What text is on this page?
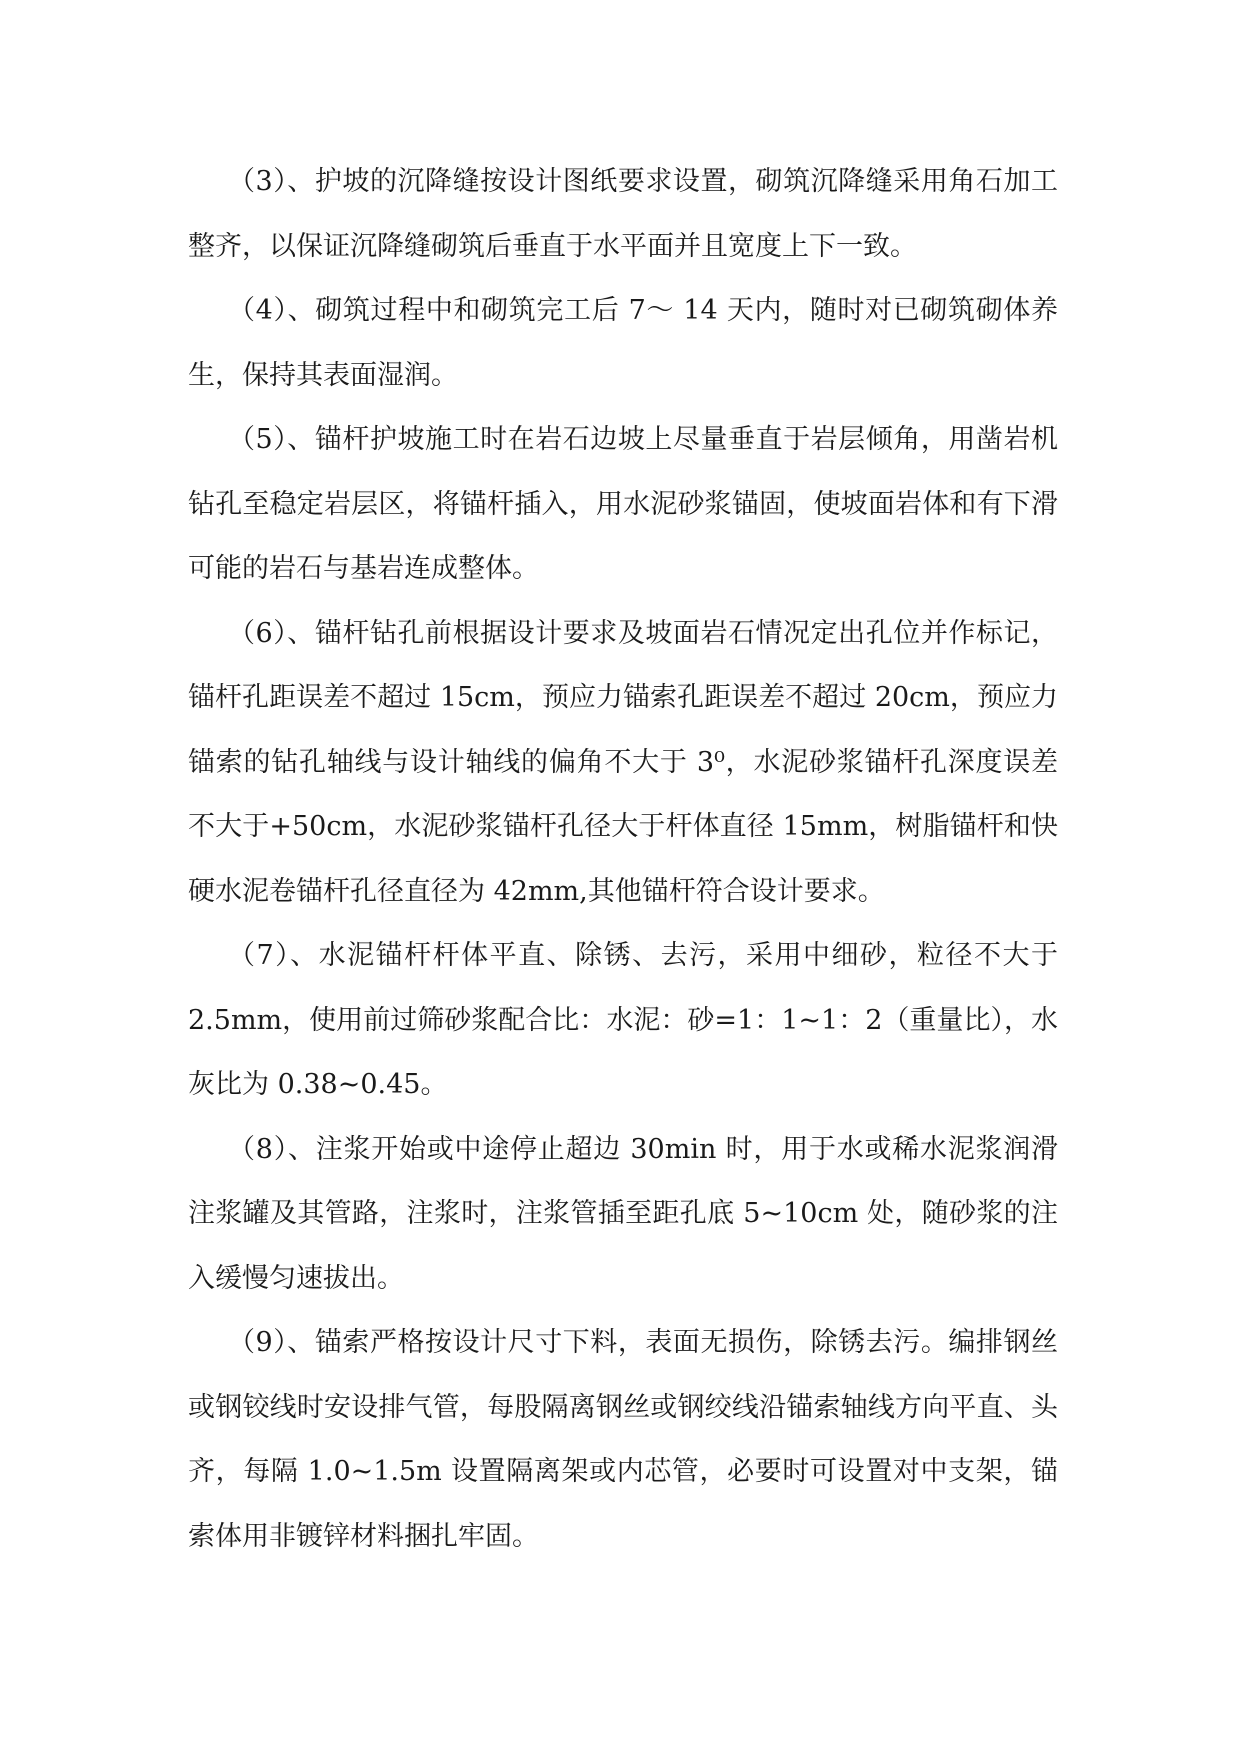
（3）、护坡的沉降缝按设计图纸要求设置，砌筑沉降缝采用角石加工整齐，以保证沉降缝砌筑后垂直于水平面并且宽度上下一致。

（4）、砌筑过程中和砌筑完工后 7～ 14 天内，随时对已砌筑砌体养生，保持其表面湿润。

（5）、锚杆护坡施工时在岩石边坡上尽量垂直于岩层倾角，用凿岩机钻孔至稳定岩层区，将锚杆插入，用水泥砂浆锚固，使坡面岩体和有下滑可能的岩石与基岩连成整体。

（6）、锚杆钻孔前根据设计要求及坡面岩石情况定出孔位并作标记，锚杆孔距误差不超过 15cm，预应力锚索孔距误差不超过 20cm，预应力锚索的钻孔轴线与设计轴线的偏角不大于 3⁰，水泥砂浆锚杆孔深度误差不大于+50cm，水泥砂浆锚杆孔径大于杆体直径 15mm，树脂锚杆和快硬水泥卷锚杆孔径直径为 42mm,其他锚杆符合设计要求。

（7）、水泥锚杆杆体平直、除锈、去污，采用中细砂，粒径不大于 2.5mm，使用前过筛砂浆配合比：水泥：砂=1：1~1：2（重量比），水灰比为 0.38~0.45。

（8）、注浆开始或中途停止超边 30min 时，用于水或稀水泥浆润滑注浆罐及其管路，注浆时，注浆管插至距孔底 5~10cm 处，随砂浆的注入缓慢匀速拔出。

（9）、锚索严格按设计尺寸下料，表面无损伤，除锈去污。编排钢丝或钢铰线时安设排气管，每股隔离钢丝或钢绞线沿锚索轴线方向平直、头齐，每隔 1.0~1.5m 设置隔离架或内芯管，必要时可设置对中支架，锚索体用非镀锌材料捆扎牢固。
